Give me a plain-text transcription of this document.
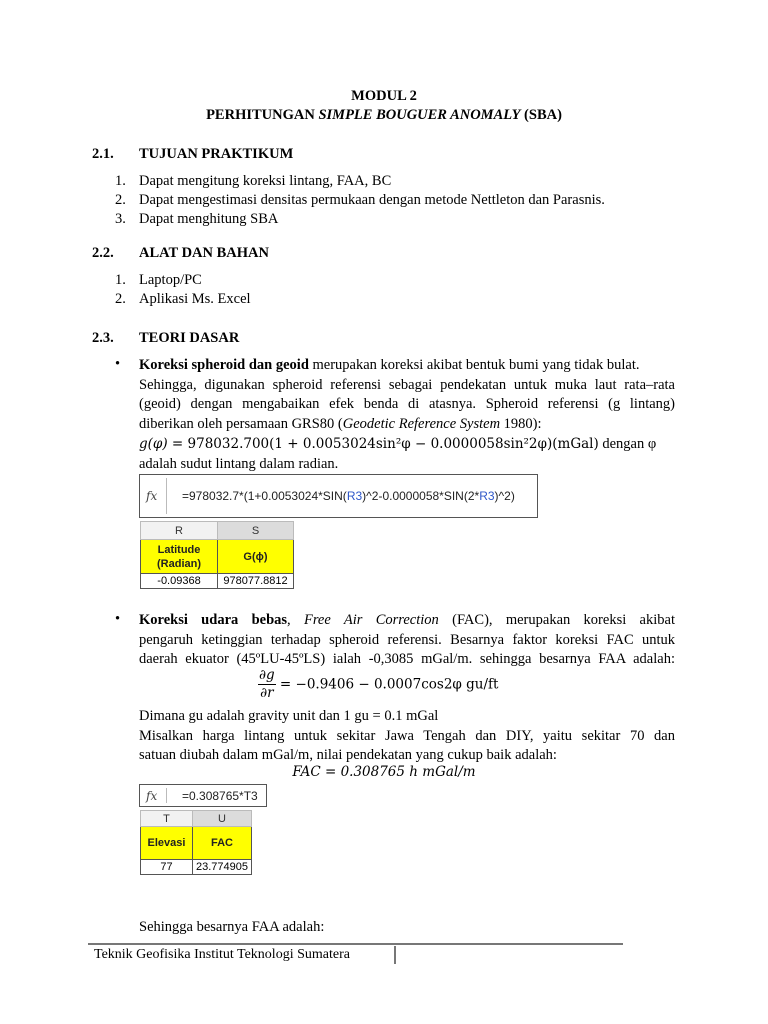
MODUL 2
PERHITUNGAN SIMPLE BOUGUER ANOMALY (SBA)
2.1. TUJUAN PRAKTIKUM
1. Dapat mengitung koreksi lintang, FAA, BC
2. Dapat mengestimasi densitas permukaan dengan metode Nettleton dan Parasnis.
3. Dapat menghitung SBA
2.2. ALAT DAN BAHAN
1. Laptop/PC
2. Aplikasi Ms. Excel
2.3. TEORI DASAR
• Koreksi spheroid dan geoid merupakan koreksi akibat bentuk bumi yang tidak bulat.
Sehingga, digunakan spheroid referensi sebagai pendekatan untuk muka laut rata–rata
(geoid) dengan mengabaikan efek benda di atasnya. Spheroid referensi (g lintang)
diberikan oleh persamaan GRS80 (Geodetic Reference System 1980):
g(φ) = 978032.700(1 + 0.0053024sin²φ − 0.0000058sin²2φ)(mGal) dengan φ
adalah sudut lintang dalam radian.
fx =978032.7*(1+0.0053024*SIN(R3)^2-0.0000058*SIN(2*R3)^2)
R	S
Latitude
(Radian)	G(ϕ)
-0.09368	978077.8812
• Koreksi udara bebas, Free Air Correction (FAC), merupakan koreksi akibat
pengaruh ketinggian terhadap spheroid referensi. Besarnya faktor koreksi FAC untuk
daerah ekuator (45ºLU-45ºLS) ialah -0,3085 mGal/m. sehingga besarnya FAA adalah:
$\frac{\partial g}{\partial r} = -0.9406 - 0.0007\cos 2\varphi$ gu/ft
Dimana gu adalah gravity unit dan 1 gu = 0.1 mGal
Misalkan harga lintang untuk sekitar Jawa Tengah dan DIY, yaitu sekitar 70 dan
satuan diubah dalam mGal/m, nilai pendekatan yang cukup baik adalah:
FAC = 0.308765 h mGal/m
fx =0.308765*T3
T	U
Elevasi	FAC
77	23.774905
Sehingga besarnya FAA adalah:
Teknik Geofisika Institut Teknologi Sumatera
